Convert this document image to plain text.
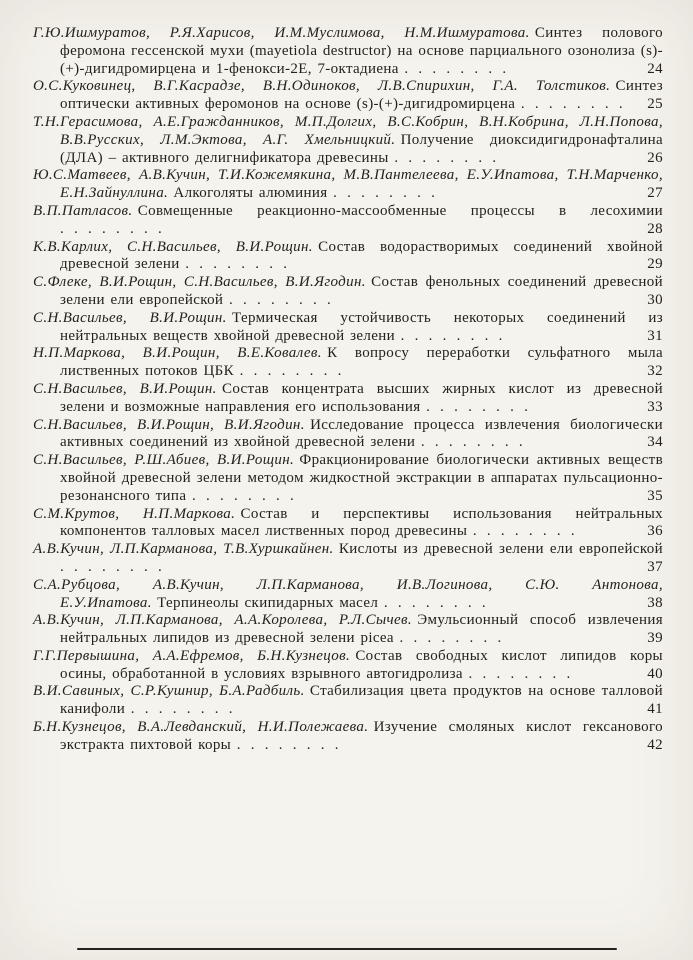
Г.Ю.Ишмуратов, Р.Я.Харисов, И.М.Муслимова, Н.М.Ишмуратова. Синтез полового феромона гессенской мухи (mayetiola destructor) на основе парциального озонолиза (s)-(+)-дигидромирцена и 1-фенокси-2Е, 7-октадиена . . . . . . . .	24

О.С.Куковинец, В.Г.Касрадзе, В.Н.Одиноков, Л.В.Спирихин, Г.А. Толстиков. Синтез оптически активных феромонов на основе (s)-(+)-дигидромирцена . . . . . . . . 25

Т.Н.Герасимова, А.Е.Гражданников, М.П.Долгих, В.С.Кобрин, В.Н.Кобрина, Л.Н.Попова, В.В.Русских, Л.М.Эктова, А.Г. Хмельницкий. Получение диоксидигидронафталина (ДЛА) – активного делигнификатора древесины . . . . . . . .	26

Ю.С.Матвеев, А.В.Кучин, Т.И.Кожемякина, М.В.Пантелеева, Е.У.Ипатова, Т.Н.Марченко, Е.Н.Зайнуллина. Алкоголяты алюминия . . . . . . . .	27

В.П.Патласов. Совмещенные реакционно-массообменные процессы в лесохимии . . . . . . . .	28

К.В.Карлих, С.Н.Васильев, В.И.Рощин. Состав водорастворимых соединений хвойной древесной зелени . . . . . . . .	29

С.Флеке, В.И.Рощин, С.Н.Васильев, В.И.Ягодин. Состав фенольных соединений древесной зелени ели европейской . . . . . . . .	30

С.Н.Васильев, В.И.Рощин. Термическая устойчивость некоторых соединений из нейтральных веществ хвойной древесной зелени . . . . . . . .	31

Н.П.Маркова, В.И.Рощин, В.Е.Ковалев. К вопросу переработки сульфатного мыла лиственных потоков ЦБК . . . . . . . .	32

С.Н.Васильев, В.И.Рощин. Состав концентрата высших жирных кислот из древесной зелени и возможные направления его использования . . . . . . . .	33

С.Н.Васильев, В.И.Рощин, В.И.Ягодин. Исследование процесса извлечения биологически активных соединений из хвойной древесной зелени . . . . . . . .	34

С.Н.Васильев, Р.Ш.Абиев, В.И.Рощин. Фракционирование биологически активных веществ хвойной древесной зелени методом жидкостной экстракции в аппаратах пульсационно-резонансного типа . . . . . . . .	35

С.М.Крутов, Н.П.Маркова. Состав и перспективы использования нейтральных компонентов талловых масел лиственных пород древесины . . . . . . . .	36

А.В.Кучин, Л.П.Карманова, Т.В.Хуршкайнен. Кислоты из древесной зелени ели европейской . . . . . . . .	37

С.А.Рубцова, А.В.Кучин, Л.П.Карманова, И.В.Логинова, С.Ю. Антонова, Е.У.Ипатова. Терпинеолы скипидарных масел . . . . . . . .	38

А.В.Кучин, Л.П.Карманова, А.А.Королева, Р.Л.Сычев. Эмульсионный способ извлечения нейтральных липидов из древесной зелени picea . . . . . . . .	39

Г.Г.Первышина, А.А.Ефремов, Б.Н.Кузнецов. Состав свободных кислот липидов коры осины, обработанной в условиях взрывного автогидролиза . . . . . . . .	40

В.И.Савиных, С.Р.Кушнир, Б.А.Радбиль. Стабилизация цвета продуктов на основе талловой канифоли . . . . . . . .	41

Б.Н.Кузнецов, В.А.Левданский, Н.И.Полежаева. Изучение смоляных кислот гексанового экстракта пихтовой коры . . . . . . . .	42
